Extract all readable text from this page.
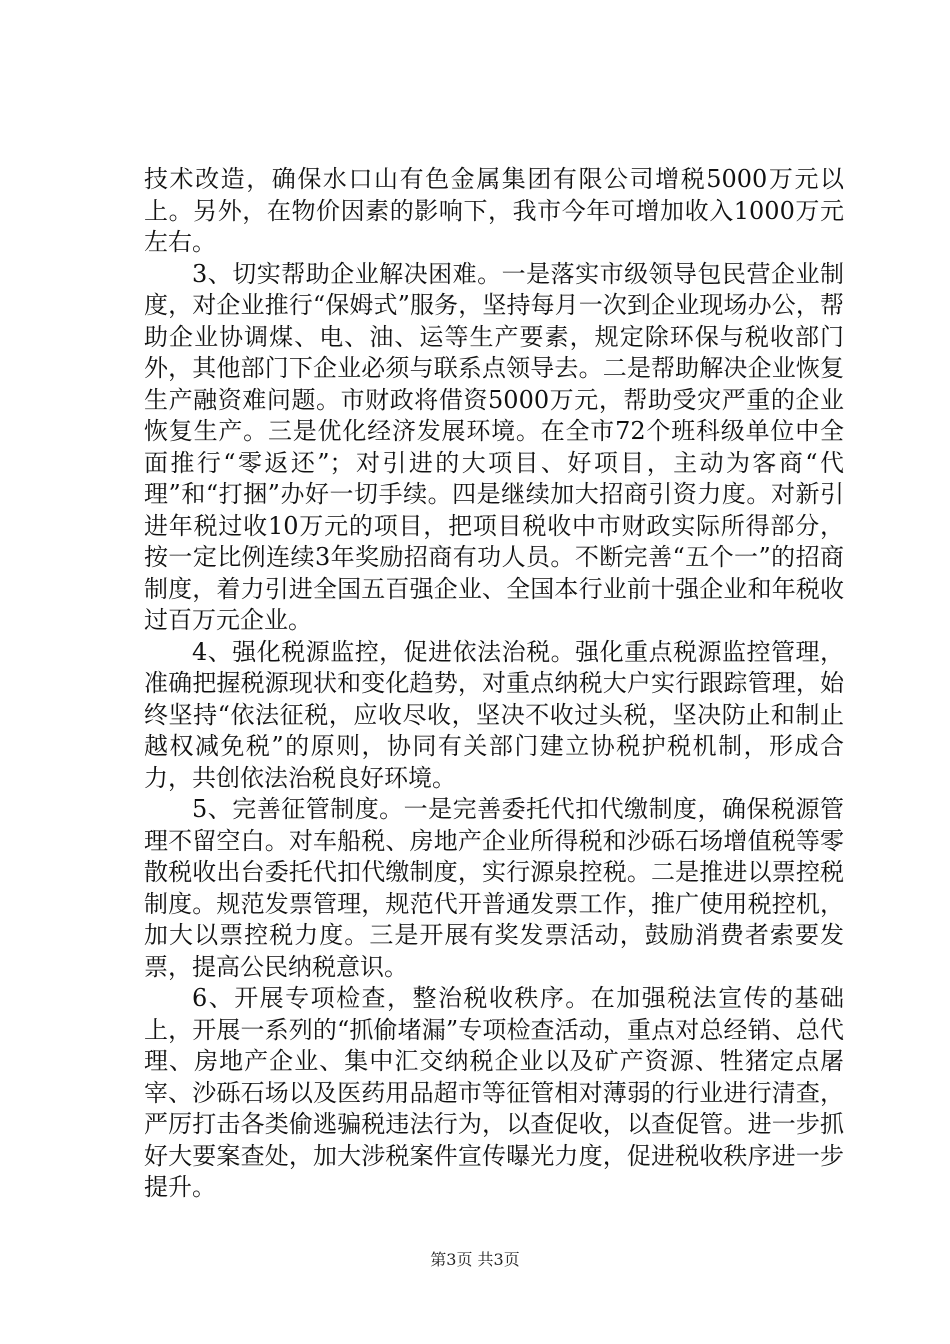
技术改造，确保水口山有色金属集团有限公司增税5000万元以上。另外，在物价因素的影响下，我市今年可增加收入1000万元左右。

3、切实帮助企业解决困难。一是落实市级领导包民营企业制度，对企业推行“保姆式”服务，坚持每月一次到企业现场办公，帮助企业协调煤、电、油、运等生产要素，规定除环保与税收部门外，其他部门下企业必须与联系点领导去。二是帮助解决企业恢复生产融资难问题。市财政将借资5000万元，帮助受灾严重的企业恢复生产。三是优化经济发展环境。在全市72个班科级单位中全面推行“零返还”；对引进的大项目、好项目，主动为客商“代理”和“打捆”办好一切手续。四是继续加大招商引资力度。对新引进年税过收10万元的项目，把项目税收中市财政实际所得部分，按一定比例连续3年奖励招商有功人员。不断完善“五个一”的招商制度，着力引进全国五百强企业、全国本行业前十强企业和年税收过百万元企业。

4、强化税源监控，促进依法治税。强化重点税源监控管理，准确把握税源现状和变化趋势，对重点纳税大户实行跟踪管理，始终坚持“依法征税，应收尽收，坚决不收过头税，坚决防止和制止越权减免税”的原则，协同有关部门建立协税护税机制，形成合力，共创依法治税良好环境。

5、完善征管制度。一是完善委托代扣代缴制度，确保税源管理不留空白。对车船税、房地产企业所得税和沙砾石场增值税等零散税收出台委托代扣代缴制度，实行源泉控税。二是推进以票控税制度。规范发票管理，规范代开普通发票工作，推广使用税控机，加大以票控税力度。三是开展有奖发票活动，鼓励消费者索要发票，提高公民纳税意识。

6、开展专项检查，整治税收秩序。在加强税法宣传的基础上，开展一系列的“抓偷堵漏”专项检查活动，重点对总经销、总代理、房地产企业、集中汇交纳税企业以及矿产资源、牲猪定点屠宰、沙砾石场以及医药用品超市等征管相对薄弱的行业进行清查，严厉打击各类偷逃骗税违法行为，以查促收，以查促管。进一步抓好大要案查处，加大涉税案件宣传曝光力度，促进税收秩序进一步提升。

第3页 共3页
